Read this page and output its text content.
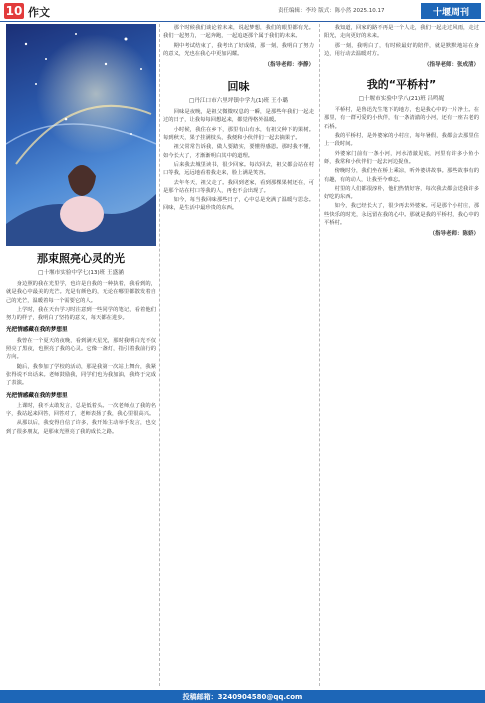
10 作文	责任编辑：李玲 版式：陈小然 2025.10.17	十堰周刊
那束照亮心灵的光
□十堰市实验中学七(13)班 王盛涵

身边照的我在光里学，也许是自我的一种执着，我看到的，就是我心中最美的光芒。光是有颜色的，无论在哪里都散发着自己的光芒，温暖着每一个需要它的人。

上学时，我在天台学习时注意到一些同学的笔记，看着他们努力的样子，我明白了坚持的意义，每天都在进步。

光把情感藏在我的梦想里

我曾在一个夏天的夜晚，看到满天星光，那时我明白光不仅照亮了黑夜，也照亮了我的心灵。它像一盏灯，指引着我前行的方向。

随后，我参加了学校的活动，那是我第一次站上舞台，我紧张得说不出话来。老师鼓励我，同学们也为我加油，我终于完成了表演。

光把情感藏在我的梦想里

上课时，我不太敢发言，总是低着头。一次老师点了我的名字，我站起来回答，回答对了，老师表扬了我，我心里很高兴。

从那以后，我变得自信了许多，我开始主动举手发言，也交到了很多朋友，是那束光照亮了我的成长之路。

那个时候我们谈论着未来，说起梦想，我们的眼里都有光。我们一起努力，一起奔跑，一起追逐那个属于我们的未来。

期中考试结束了，我考出了好成绩，那一刻，我明白了努力的意义，光也在我心中更加闪耀。

（指导老师：李静）
回味
□丹江口市六里坪镇中学九(1)班 王小璐

回味是夜晚，是祖父微微叹息的一瞬，是那些年我们一起走过的日子，让我每每回想起来，都觉得格外温暖。

小时候，我住在乡下，那里有山有水，有祖父种下的果树。每到秋天，果子挂满枝头，我便和小伙伴们一起去摘果子。

祖父常常告诉我，做人要踏实，要懂得感恩。那时我不懂，如今长大了，才渐渐明白其中的道理。

后来我去城里读书，很少回家。每次回去，祖父都会站在村口等我，远远地看着我走来，脸上满是笑容。

去年冬天，祖父走了。我回到老家，看到那棵果树还在，可是那个站在村口等我的人，再也不会出现了。

如今，每当我回味那些日子，心中总是充满了温暖与思念。回味，是生活中最珍贵的东西。

我知道，回家的路不再是一个人走，我们一起走过风雨，走过阳光，走向更好的未来。

那一刻，我明白了，有时候最好的陪伴，就是默默地站在身边，用行动去温暖对方。

（指导老师：张成清）
我的“平桥村”
□十堰市实验中学八(21)班 吕鸣妮

平桥村，是鲁迅先生笔下的地方，也是我心中的一片净土。在那里，有一群可爱的小伙伴，有一条清澈的小河，还有一座古老的石桥。

我的平桥村，是外婆家的小村庄，每年暑假，我都会去那里住上一段时间。

外婆家门前有一条小河，河水清澈见底，河里有许多小鱼小虾，我常和小伙伴们一起去河边捉鱼。

傍晚时分，我们坐在桥上乘凉，听外婆讲故事。那些故事有的有趣，有的动人，让我至今难忘。

村里的人们都很淳朴，他们热情好客，每次我去都会送我许多好吃的东西。

如今，我已经长大了，很少再去外婆家。可是那个小村庄，那些快乐的时光，永远留在我的心中。那就是我的平桥村，我心中的平桥村。

（指导老师：陈娇）
投稿邮箱：3240904580@qq.com
